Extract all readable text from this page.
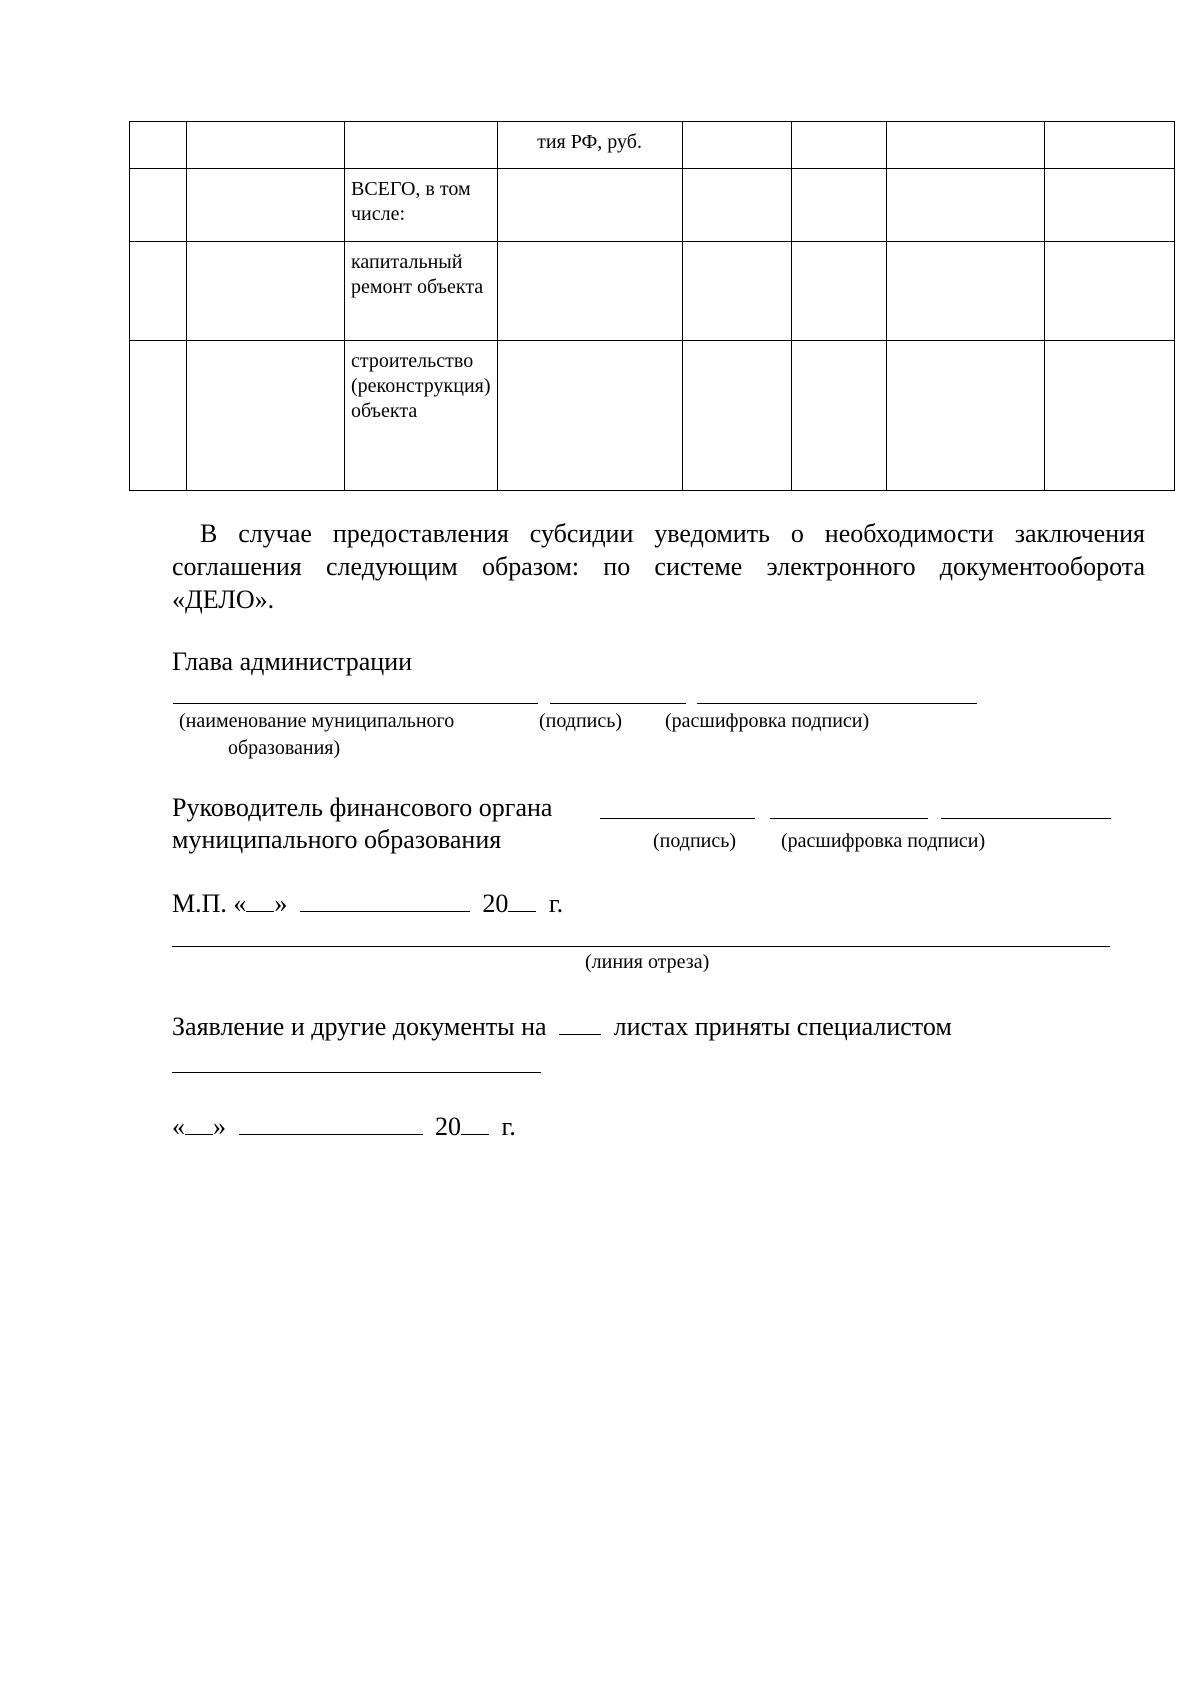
			тия РФ, руб.				
		ВСЕГО, в том числе:					
		капитальный ремонт объекта					
		строительство (реконструкция) объекта					
В случае предоставления субсидии уведомить о необходимости заключения соглашения следующим образом: по системе электронного документооборота «ДЕЛО».
Глава администрации
(наименование муниципального
образования)
(подпись) (расшифровка подписи)
Руководитель финансового органа
муниципального образования	(подпись) (расшифровка подписи)
М.П. « »	20 г.
(линия отреза)
Заявление и другие документы на	листах приняты специалистом
« »	20 г.
